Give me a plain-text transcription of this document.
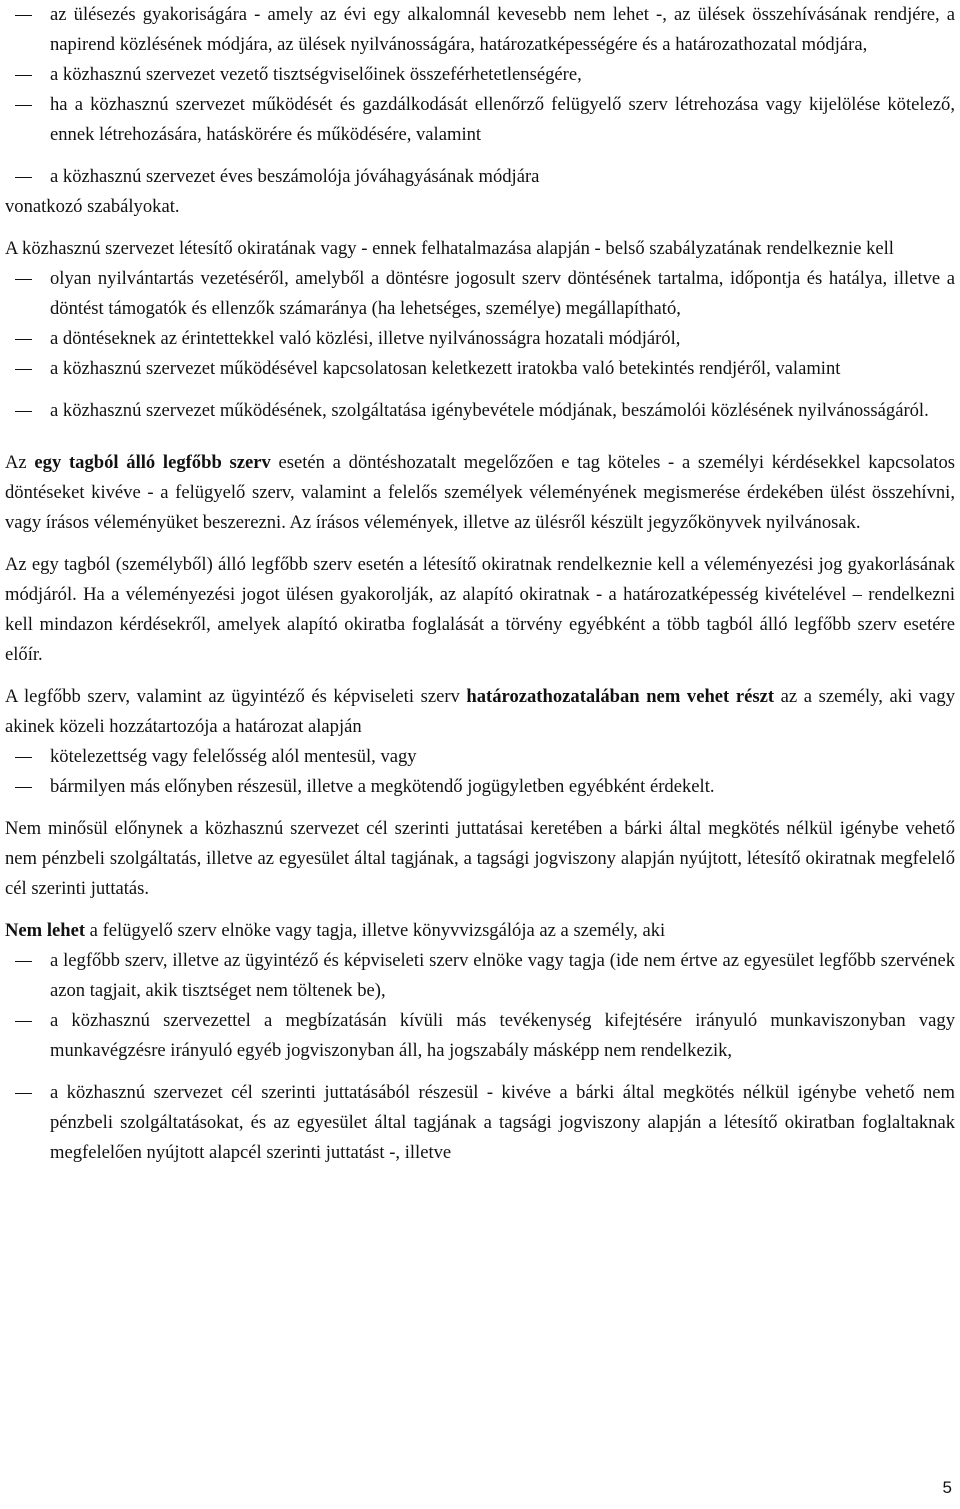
az ülésezés gyakoriságára - amely az évi egy alkalomnál kevesebb nem lehet -, az ülések összehívásának rendjére, a napirend közlésének módjára, az ülések nyilvánosságára, határozatképességére és a határozathozatal módjára,
a közhasznú szervezet vezető tisztségviselőinek összeférhetetlenségére,
ha a közhasznú szervezet működését és gazdálkodását ellenőrző felügyelő szerv létrehozása vagy kijelölése kötelező, ennek létrehozására, hatáskörére és működésére, valamint
a közhasznú szervezet éves beszámolója jóváhagyásának módjára

vonatkozó szabályokat.

A közhasznú szervezet létesítő okiratának vagy - ennek felhatalmazása alapján - belső szabályzatának rendelkeznie kell

olyan nyilvántartás vezetéséről, amelyből a döntésre jogosult szerv döntésének tartalma, időpontja és hatálya, illetve a döntést támogatók és ellenzők számaránya (ha lehetséges, személye) megállapítható,
a döntéseknek az érintettekkel való közlési, illetve nyilvánosságra hozatali módjáról,
a közhasznú szervezet működésével kapcsolatosan keletkezett iratokba való betekintés rendjéről, valamint
a közhasznú szervezet működésének, szolgáltatása igénybevétele módjának, beszámolói közlésének nyilvánosságáról.

Az egy tagból álló legfőbb szerv esetén a döntéshozatalt megelőzően e tag köteles - a személyi kérdésekkel kapcsolatos döntéseket kivéve - a felügyelő szerv, valamint a felelős személyek véleményének megismerése érdekében ülést összehívni, vagy írásos véleményüket beszerezni. Az írásos vélemények, illetve az ülésről készült jegyzőkönyvek nyilvánosak.

Az egy tagból (személyből) álló legfőbb szerv esetén a létesítő okiratnak rendelkeznie kell a véleményezési jog gyakorlásának módjáról. Ha a véleményezési jogot ülésen gyakorolják, az alapító okiratnak - a határozatképesség kivételével – rendelkezni kell mindazon kérdésekről, amelyek alapító okiratba foglalását a törvény egyébként a több tagból álló legfőbb szerv esetére előír.

A legfőbb szerv, valamint az ügyintéző és képviseleti szerv határozathozatalában nem vehet részt az a személy, aki vagy akinek közeli hozzátartozója a határozat alapján

kötelezettség vagy felelősség alól mentesül, vagy
bármilyen más előnyben részesül, illetve a megkötendő jogügyletben egyébként érdekelt.

Nem minősül előnynek a közhasznú szervezet cél szerinti juttatásai keretében a bárki által megkötés nélkül igénybe vehető nem pénzbeli szolgáltatás, illetve az egyesület által tagjának, a tagsági jogviszony alapján nyújtott, létesítő okiratnak megfelelő cél szerinti juttatás.

Nem lehet a felügyelő szerv elnöke vagy tagja, illetve könyvvizsgálója az a személy, aki

a legfőbb szerv, illetve az ügyintéző és képviseleti szerv elnöke vagy tagja (ide nem értve az egyesület legfőbb szervének azon tagjait, akik tisztséget nem töltenek be),
a közhasznú szervezettel a megbízatásán kívüli más tevékenység kifejtésére irányuló munkaviszonyban vagy munkavégzésre irányuló egyéb jogviszonyban áll, ha jogszabály másképp nem rendelkezik,
a közhasznú szervezet cél szerinti juttatásából részesül - kivéve a bárki által megkötés nélkül igénybe vehető nem pénzbeli szolgáltatásokat, és az egyesület által tagjának a tagsági jogviszony alapján a létesítő okiratban foglaltaknak megfelelően nyújtott alapcél szerinti juttatást -, illetve
5
